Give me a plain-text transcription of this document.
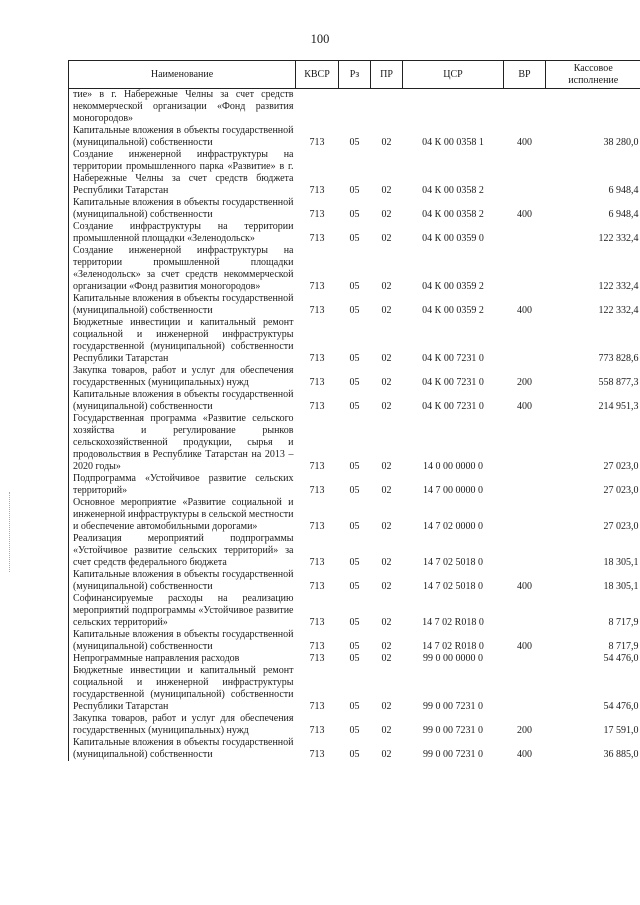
100
Наименование	КВСР	Рз	ПР	ЦСР	ВР	Кассовое исполнение
тие» в г. Набережные Челны за счет средств некоммерческой организации «Фонд развития моногородов»						
Капитальные вложения в объекты государственной (муниципальной) собственности	713	05	02	04 К 00 0358 1	400	38 280,0
Создание инженерной инфраструктуры на территории промышленного парка «Развитие» в г. Набережные Челны за счет средств бюджета Республики Татарстан	713	05	02	04 К 00 0358 2		6 948,4
Капитальные вложения в объекты государственной (муниципальной) собственности	713	05	02	04 К 00 0358 2	400	6 948,4
Создание инфраструктуры на территории промышленной площадки «Зеленодольск»	713	05	02	04 К 00 0359 0		122 332,4
Создание инженерной инфраструктуры на территории промышленной площадки «Зеленодольск» за счет средств некоммерческой организации «Фонд развития моногородов»	713	05	02	04 К 00 0359 2		122 332,4
Капитальные вложения в объекты государственной (муниципальной) собственности	713	05	02	04 К 00 0359 2	400	122 332,4
Бюджетные инвестиции и капитальный ремонт социальной и инженерной инфраструктуры государственной (муниципальной) собственности Республики Татарстан	713	05	02	04 К 00 7231 0		773 828,6
Закупка товаров, работ и услуг для обеспечения государственных (муниципальных) нужд	713	05	02	04 К 00 7231 0	200	558 877,3
Капитальные вложения в объекты государственной (муниципальной) собственности	713	05	02	04 К 00 7231 0	400	214 951,3
Государственная программа «Развитие сельского хозяйства и регулирование рынков сельскохозяйственной продукции, сырья и продовольствия в Республике Татарстан на 2013 – 2020 годы»	713	05	02	14 0 00 0000 0		27 023,0
Подпрограмма «Устойчивое развитие сельских территорий»	713	05	02	14 7 00 0000 0		27 023,0
Основное мероприятие «Развитие социальной и инженерной инфраструктуры в сельской местности и обеспечение автомобильными дорогами»	713	05	02	14 7 02 0000 0		27 023,0
Реализация мероприятий подпрограммы «Устойчивое развитие сельских территорий» за счет средств федерального бюджета	713	05	02	14 7 02 5018 0		18 305,1
Капитальные вложения в объекты государственной (муниципальной) собственности	713	05	02	14 7 02 5018 0	400	18 305,1
Софинансируемые расходы на реализацию мероприятий подпрограммы «Устойчивое развитие сельских территорий»	713	05	02	14 7 02 R018 0		8 717,9
Капитальные вложения в объекты государственной (муниципальной) собственности	713	05	02	14 7 02 R018 0	400	8 717,9
Непрограммные направления расходов	713	05	02	99 0 00 0000 0		54 476,0
Бюджетные инвестиции и капитальный ремонт социальной и инженерной инфраструктуры государственной (муниципальной) собственности Республики Татарстан	713	05	02	99 0 00 7231 0		54 476,0
Закупка товаров, работ и услуг для обеспечения государственных (муниципальных) нужд	713	05	02	99 0 00 7231 0	200	17 591,0
Капитальные вложения в объекты государственной (муниципальной) собственности	713	05	02	99 0 00 7231 0	400	36 885,0
